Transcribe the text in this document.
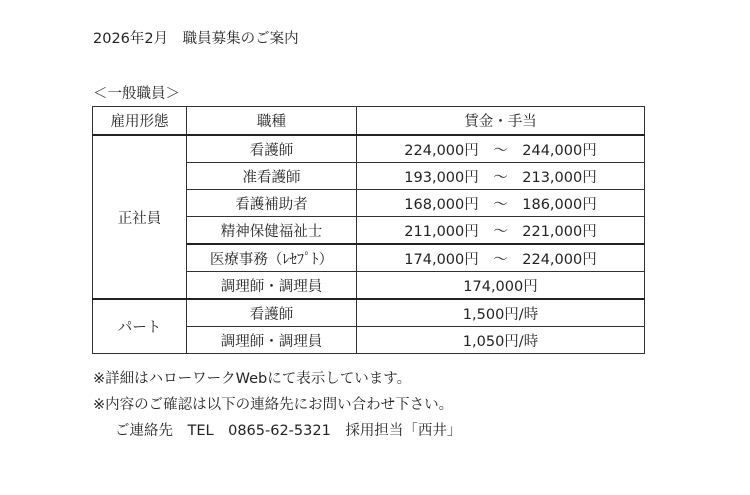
2026年2月　職員募集のご案内
＜一般職員＞
雇用形態	職種	賃金・手当
正社員	看護師	224,000円　～　244,000円
	准看護師	193,000円　～　213,000円
	看護補助者	168,000円　～　186,000円
	精神保健福祉士	211,000円　～　221,000円
	医療事務（ﾚｾﾌﾟﾄ）	174,000円　～　224,000円
	調理師・調理員	174,000円
パート	看護師	1,500円/時
	調理師・調理員	1,050円/時
※詳細はハローワークWebにて表示しています。
※内容のご確認は以下の連絡先にお問い合わせ下さい。
ご連絡先　TEL　0865-62-5321　採用担当「西井」
